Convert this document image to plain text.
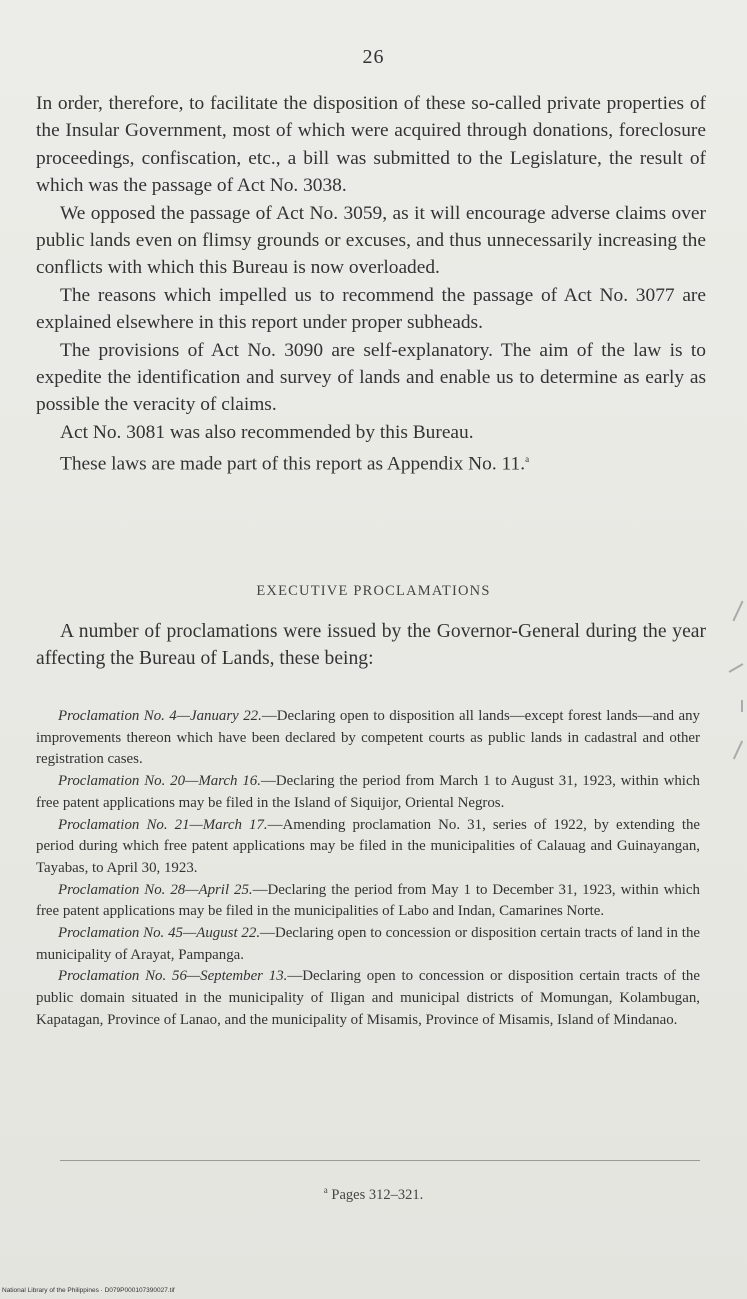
26

In order, therefore, to facilitate the disposition of these so-called private properties of the Insular Government, most of which were acquired through donations, foreclosure proceedings, confiscation, etc., a bill was submitted to the Legislature, the result of which was the passage of Act No. 3038.

We opposed the passage of Act No. 3059, as it will encourage adverse claims over public lands even on flimsy grounds or excuses, and thus unnecessarily increasing the conflicts with which this Bureau is now overloaded.

The reasons which impelled us to recommend the passage of Act No. 3077 are explained elsewhere in this report under proper subheads.

The provisions of Act No. 3090 are self-explanatory. The aim of the law is to expedite the identification and survey of lands and enable us to determine as early as possible the veracity of claims.

Act No. 3081 was also recommended by this Bureau.

These laws are made part of this report as Appendix No. 11.$^a$

EXECUTIVE PROCLAMATIONS

A number of proclamations were issued by the Governor-General during the year affecting the Bureau of Lands, these being:

Proclamation No. 4—January 22.—Declaring open to disposition all lands—except forest lands—and any improvements thereon which have been declared by competent courts as public lands in cadastral and other registration cases.

Proclamation No. 20—March 16.—Declaring the period from March 1 to August 31, 1923, within which free patent applications may be filed in the Island of Siquijor, Oriental Negros.

Proclamation No. 21—March 17.—Amending proclamation No. 31, series of 1922, by extending the period during which free patent applications may be filed in the municipalities of Calauag and Guinayangan, Tayabas, to April 30, 1923.

Proclamation No. 28—April 25.—Declaring the period from May 1 to December 31, 1923, within which free patent applications may be filed in the municipalities of Labo and Indan, Camarines Norte.

Proclamation No. 45—August 22.—Declaring open to concession or disposition certain tracts of land in the municipality of Arayat, Pampanga.

Proclamation No. 56—September 13.—Declaring open to concession or disposition certain tracts of the public domain situated in the municipality of Iligan and municipal districts of Momungan, Kolambugan, Kapatagan, Province of Lanao, and the municipality of Misamis, Province of Misamis, Island of Mindanao.

$^a$ Pages 312–321.
National Library of the Philippines · D079P000107390027.tif
